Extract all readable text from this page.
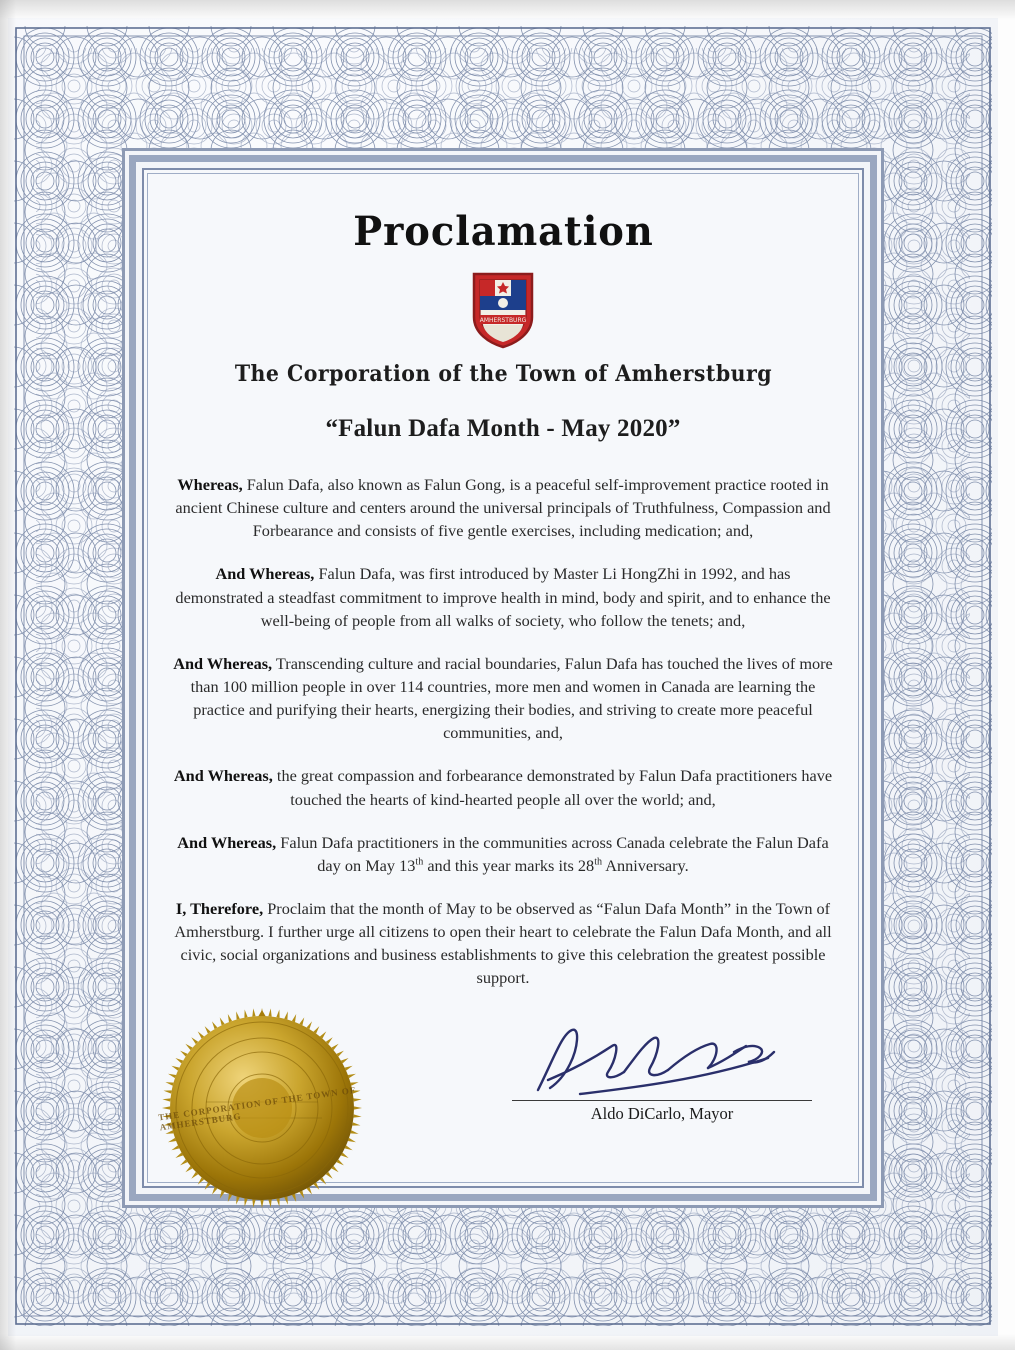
Proclamation
AMHERSTBURG
The Corporation of the Town of Amherstburg
“Falun Dafa Month - May 2020”

Whereas, Falun Dafa, also known as Falun Gong, is a peaceful self-improvement practice rooted in ancient Chinese culture and centers around the universal principals of Truthfulness, Compassion and Forbearance and consists of five gentle exercises, including medication; and,

And Whereas, Falun Dafa, was first introduced by Master Li HongZhi in 1992, and has demonstrated a steadfast commitment to improve health in mind, body and spirit, and to enhance the well-being of people from all walks of society, who follow the tenets; and,

And Whereas, Transcending culture and racial boundaries, Falun Dafa has touched the lives of more than 100 million people in over 114 countries, more men and women in Canada are learning the practice and purifying their hearts, energizing their bodies, and striving to create more peaceful communities, and,

And Whereas, the great compassion and forbearance demonstrated by Falun Dafa practitioners have touched the hearts of kind-hearted people all over the world; and,

And Whereas, Falun Dafa practitioners in the communities across Canada celebrate the Falun Dafa day on May 13th and this year marks its 28th Anniversary.

I, Therefore, Proclaim that the month of May to be observed as “Falun Dafa Month” in the Town of Amherstburg. I further urge all citizens to open their heart to celebrate the Falun Dafa Month, and all civic, social organizations and business establishments to give this celebration the greatest possible support.

THE CORPORATION OF THE TOWN OF AMHERSTBURG	Aldo DiCarlo, Mayor
